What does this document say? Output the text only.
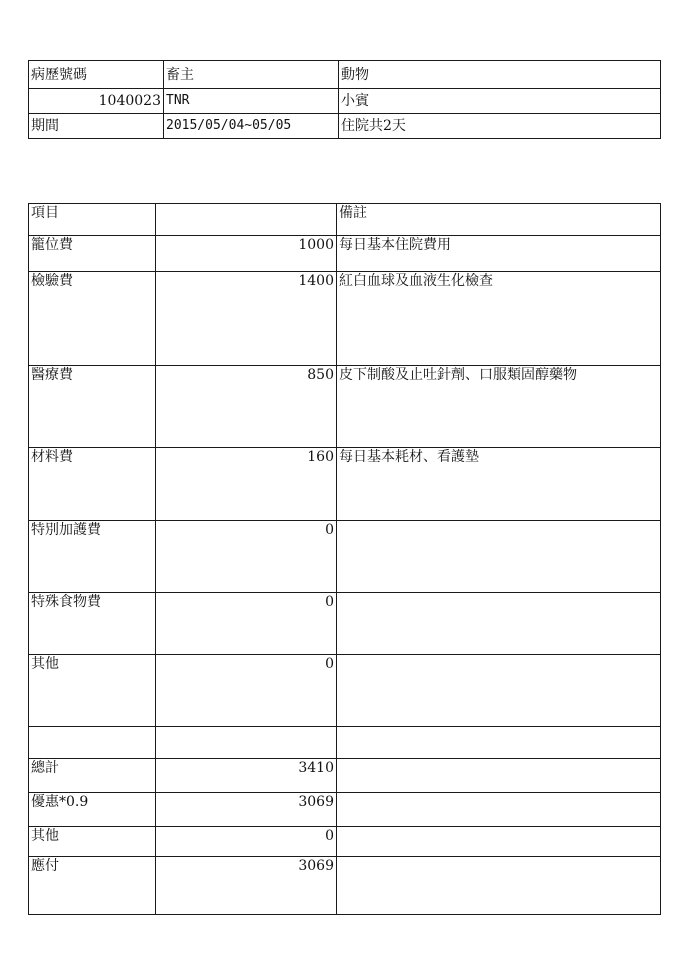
病歷號碼	畜主	動物
1040023	TNR	小賓
期間	2015/05/04~05/05	住院共2天
項目		備註
籠位費	1000	每日基本住院費用
檢驗費	1400	紅白血球及血液生化檢查
醫療費	850	皮下制酸及止吐針劑、口服類固醇藥物
材料費	160	每日基本耗材、看護墊
特別加護費	0	
特殊食物費	0	
其他	0	

總計	3410	
優惠*0.9	3069	
其他	0	
應付	3069	
